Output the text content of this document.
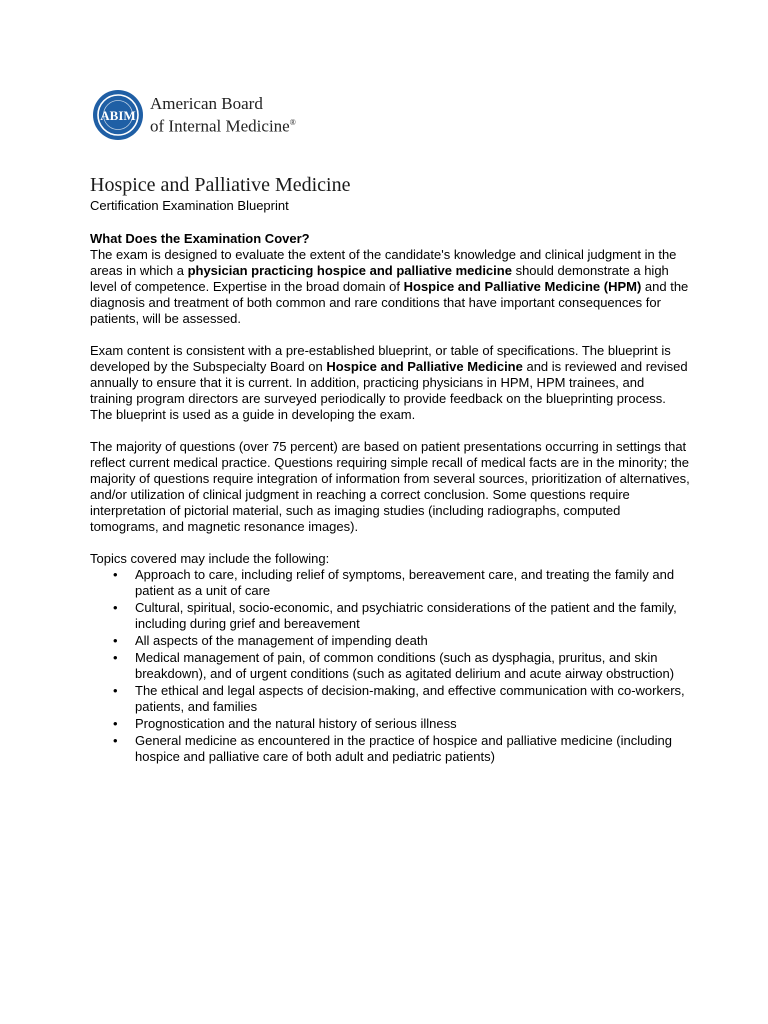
ABIM
American Board
of Internal Medicine®
Hospice and Palliative Medicine

Certification Examination Blueprint

What Does the Examination Cover?

The exam is designed to evaluate the extent of the candidate's knowledge and clinical judgment in the areas in which a physician practicing hospice and palliative medicine should demonstrate a high level of competence. Expertise in the broad domain of Hospice and Palliative Medicine (HPM) and the diagnosis and treatment of both common and rare conditions that have important consequences for patients, will be assessed.

Exam content is consistent with a pre-established blueprint, or table of specifications. The blueprint is developed by the Subspecialty Board on Hospice and Palliative Medicine and is reviewed and revised annually to ensure that it is current. In addition, practicing physicians in HPM, HPM trainees, and training program directors are surveyed periodically to provide feedback on the blueprinting process. The blueprint is used as a guide in developing the exam.

The majority of questions (over 75 percent) are based on patient presentations occurring in settings that reflect current medical practice. Questions requiring simple recall of medical facts are in the minority; the majority of questions require integration of information from several sources, prioritization of alternatives, and/or utilization of clinical judgment in reaching a correct conclusion. Some questions require interpretation of pictorial material, such as imaging studies (including radiographs, computed tomograms, and magnetic resonance images).

Topics covered may include the following:

• Approach to care, including relief of symptoms, bereavement care, and treating the family and patient as a unit of care
• Cultural, spiritual, socio-economic, and psychiatric considerations of the patient and the family, including during grief and bereavement
• All aspects of the management of impending death
• Medical management of pain, of common conditions (such as dysphagia, pruritus, and skin breakdown), and of urgent conditions (such as agitated delirium and acute airway obstruction)
• The ethical and legal aspects of decision-making, and effective communication with co-workers, patients, and families
• Prognostication and the natural history of serious illness
• General medicine as encountered in the practice of hospice and palliative medicine (including hospice and palliative care of both adult and pediatric patients)
